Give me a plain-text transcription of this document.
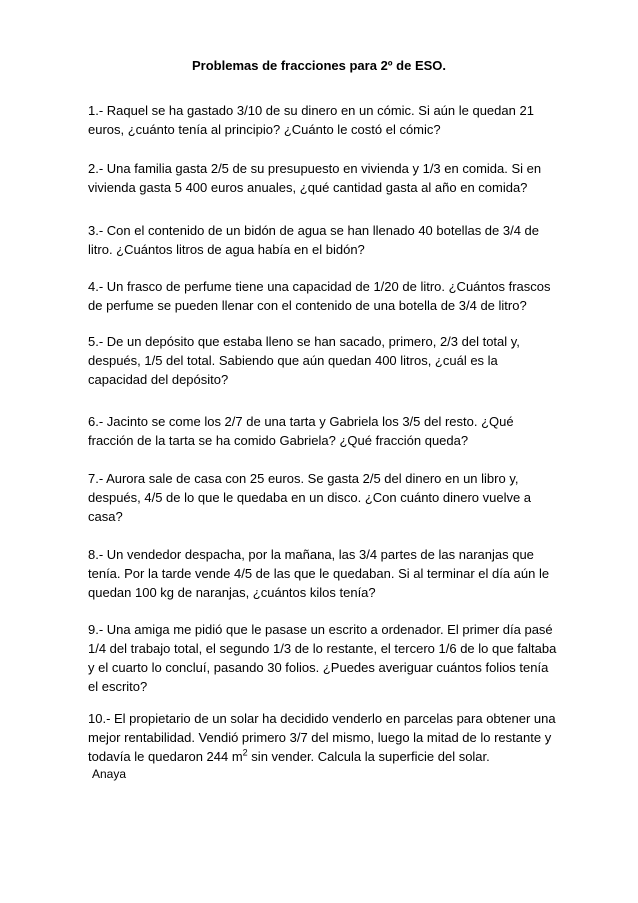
Problemas de fracciones para 2º de ESO.

1.- Raquel se ha gastado 3/10 de su dinero en un cómic. Si aún le quedan 21 euros, ¿cuánto tenía al principio? ¿Cuánto le costó el cómic?

2.- Una familia gasta 2/5 de su presupuesto en vivienda y 1/3 en comida. Si en vivienda gasta 5 400 euros anuales, ¿qué cantidad gasta al año en comida?

3.- Con el contenido de un bidón de agua se han llenado 40 botellas de 3/4 de litro. ¿Cuántos litros de agua había en el bidón?

4.- Un frasco de perfume tiene una capacidad de 1/20 de litro. ¿Cuántos frascos de perfume se pueden llenar con el contenido de una botella de 3/4 de litro?

5.- De un depósito que estaba lleno se han sacado, primero, 2/3 del total y, después, 1/5 del total. Sabiendo que aún quedan 400 litros, ¿cuál es la capacidad del depósito?

6.- Jacinto se come los 2/7 de una tarta y Gabriela los 3/5 del resto. ¿Qué fracción de la tarta se ha comido Gabriela? ¿Qué fracción queda?

7.- Aurora sale de casa con 25 euros. Se gasta 2/5 del dinero en un libro y, después, 4/5 de lo que le quedaba en un disco. ¿Con cuánto dinero vuelve a casa?

8.- Un vendedor despacha, por la mañana, las 3/4 partes de las naranjas que tenía. Por la tarde vende 4/5 de las que le quedaban. Si al terminar el día aún le quedan 100 kg de naranjas, ¿cuántos kilos tenía?

9.- Una amiga me pidió que le pasase un escrito a ordenador. El primer día pasé 1/4 del trabajo total, el segundo 1/3 de lo restante, el tercero 1/6 de lo que faltaba y el cuarto lo concluí, pasando 30 folios. ¿Puedes averiguar cuántos folios tenía el escrito?

10.- El propietario de un solar ha decidido venderlo en parcelas para obtener una mejor rentabilidad. Vendió primero 3/7 del mismo, luego la mitad de lo restante y todavía le quedaron 244 $m^2$ sin vender. Calcula la superficie del solar.

Anaya
